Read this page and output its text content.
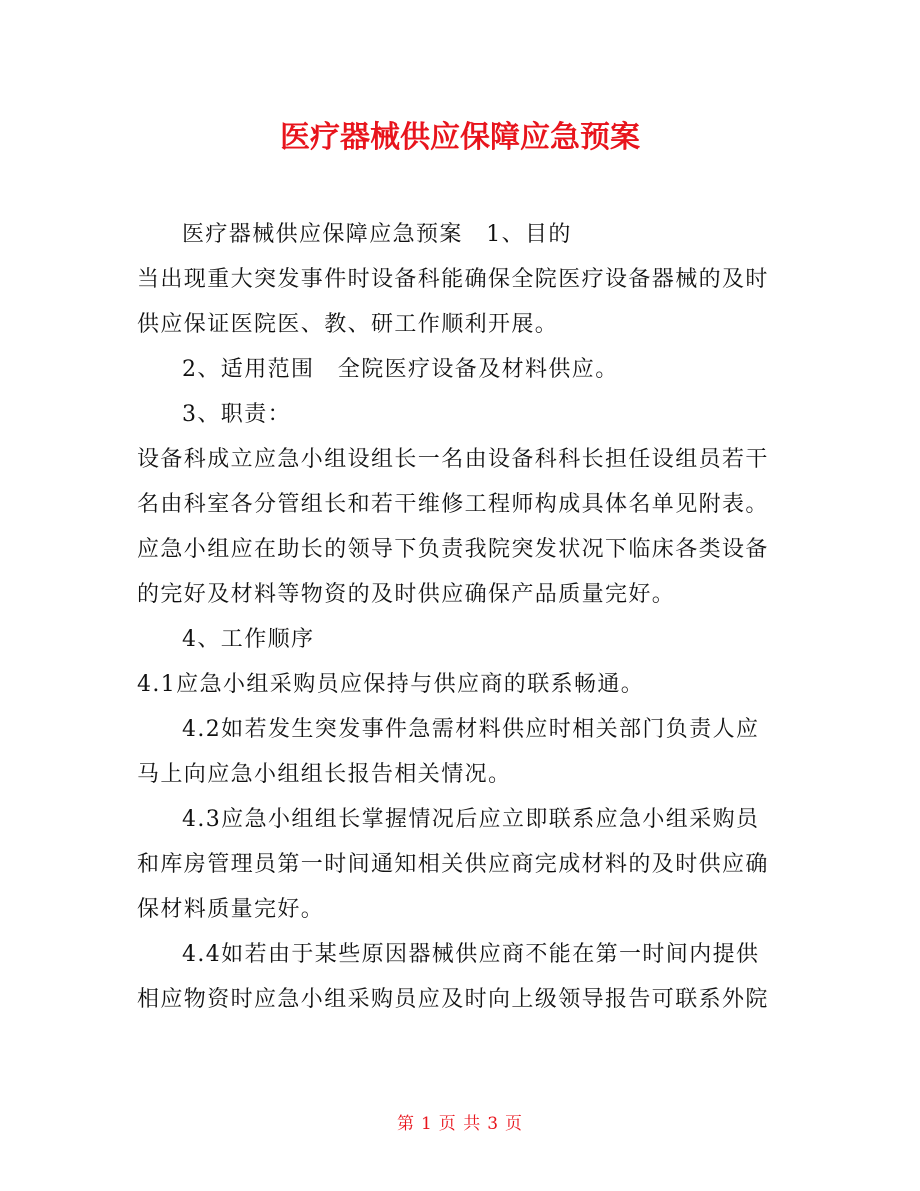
医疗器械供应保障应急预案
医疗器械供应保障应急预案　1、目的
当出现重大突发事件时设备科能确保全院医疗设备器械的及时
供应保证医院医、教、研工作顺利开展。
2、适用范围　全院医疗设备及材料供应。
3、职责：
设备科成立应急小组设组长一名由设备科科长担任设组员若干
名由科室各分管组长和若干维修工程师构成具体名单见附表。
应急小组应在助长的领导下负责我院突发状况下临床各类设备
的完好及材料等物资的及时供应确保产品质量完好。
4、工作顺序
4.1应急小组采购员应保持与供应商的联系畅通。
4.2如若发生突发事件急需材料供应时相关部门负责人应
马上向应急小组组长报告相关情况。
4.3应急小组组长掌握情况后应立即联系应急小组采购员
和库房管理员第一时间通知相关供应商完成材料的及时供应确
保材料质量完好。
4.4如若由于某些原因器械供应商不能在第一时间内提供
相应物资时应急小组采购员应及时向上级领导报告可联系外院
第 1 页 共 3 页
